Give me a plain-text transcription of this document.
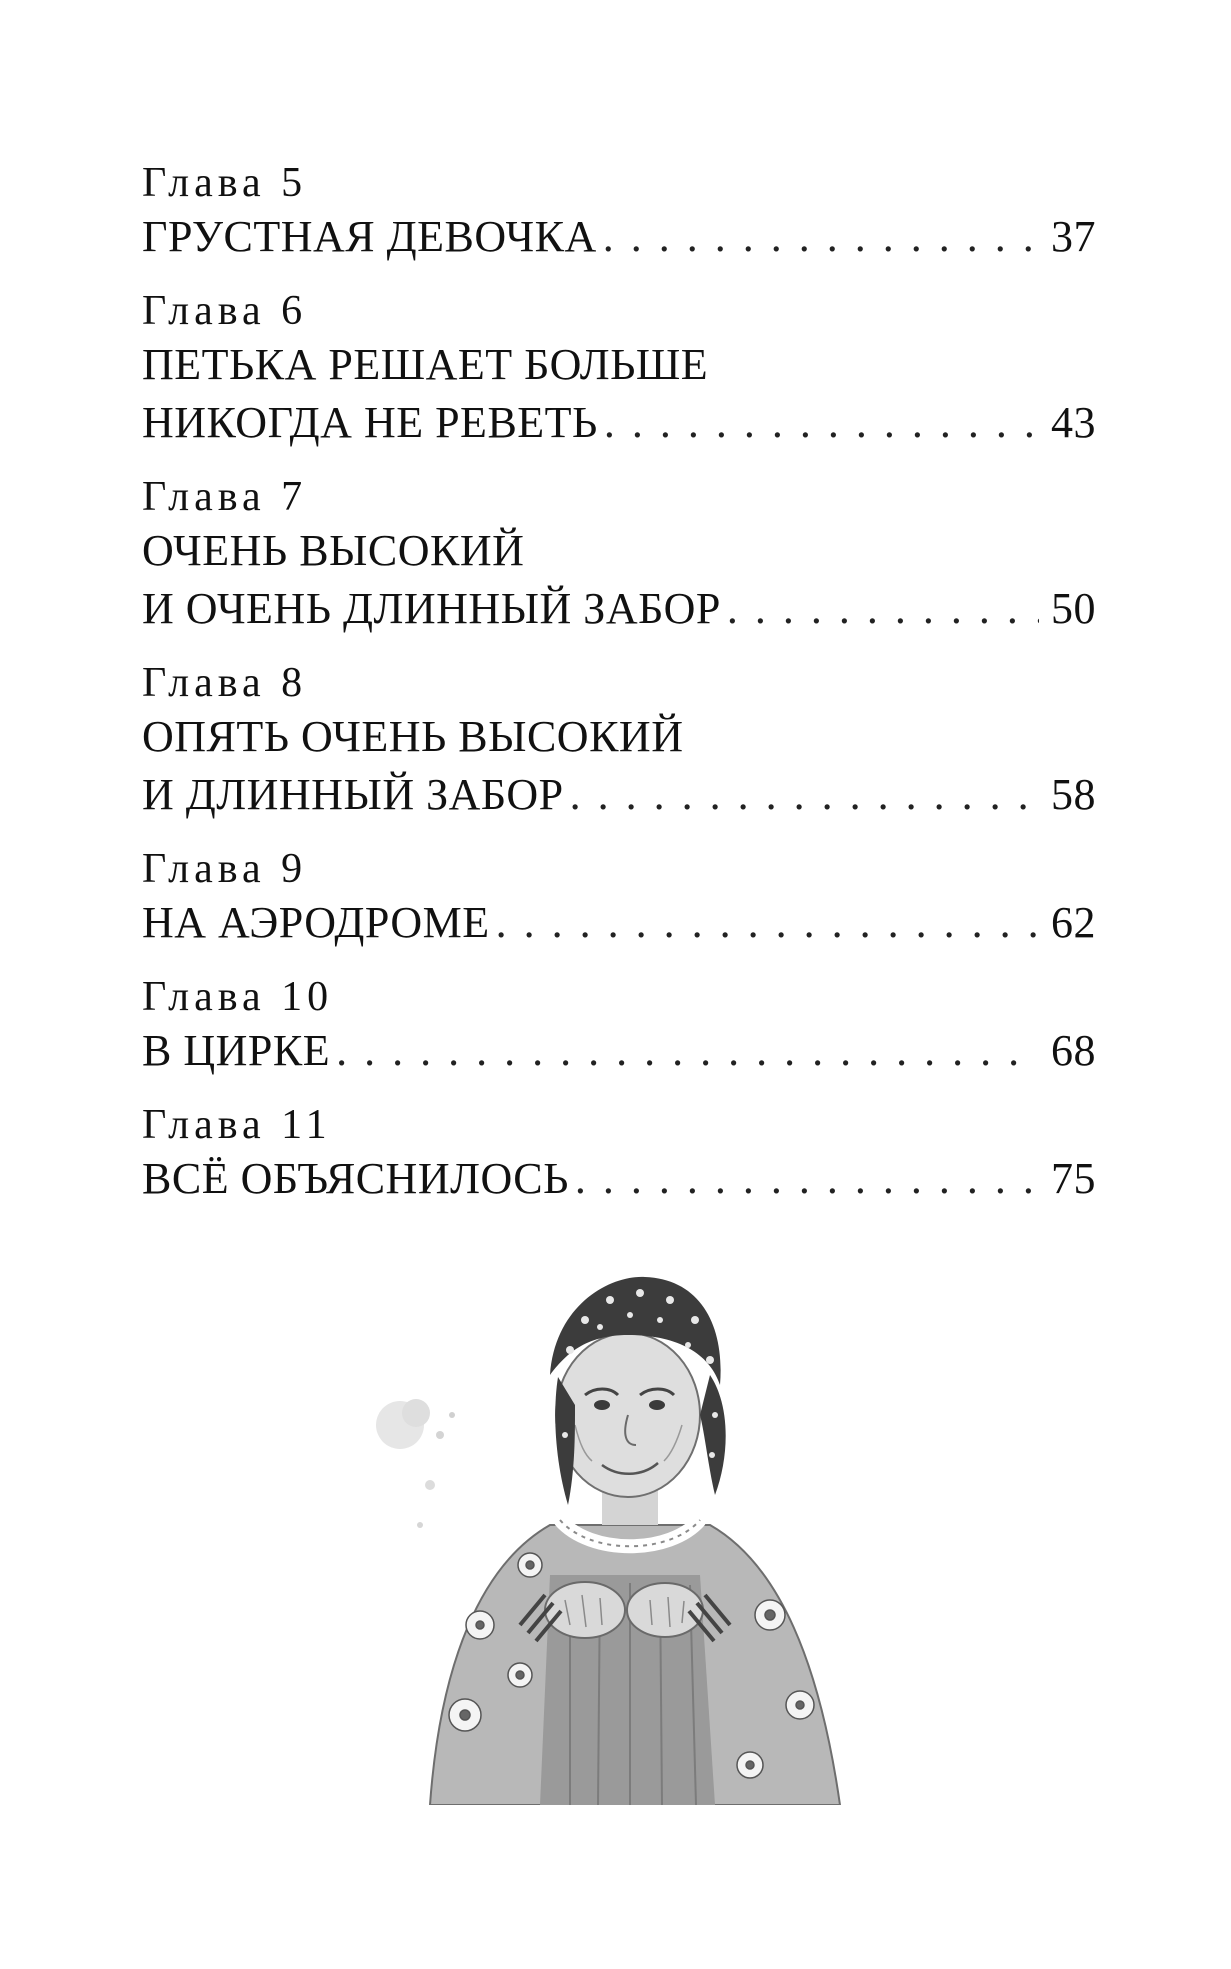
Глава 5
ГРУСТНАЯ ДЕВОЧКА . . .	37
Глава 6
ПЕТЬКА РЕШАЕТ БОЛЬШЕ
НИКОГДА НЕ РЕВЕТЬ . . .	43
Глава 7
ОЧЕНЬ ВЫСОКИЙ
И ОЧЕНЬ ДЛИННЫЙ ЗАБОР . . .	50
Глава 8
ОПЯТЬ ОЧЕНЬ ВЫСОКИЙ
И ДЛИННЫЙ ЗАБОР . . .	58
Глава 9
НА АЭРОДРОМЕ . . .	62
Глава 10
В ЦИРКЕ . . .	68
Глава 11
ВСЁ ОБЪЯСНИЛОСЬ . . .	75
